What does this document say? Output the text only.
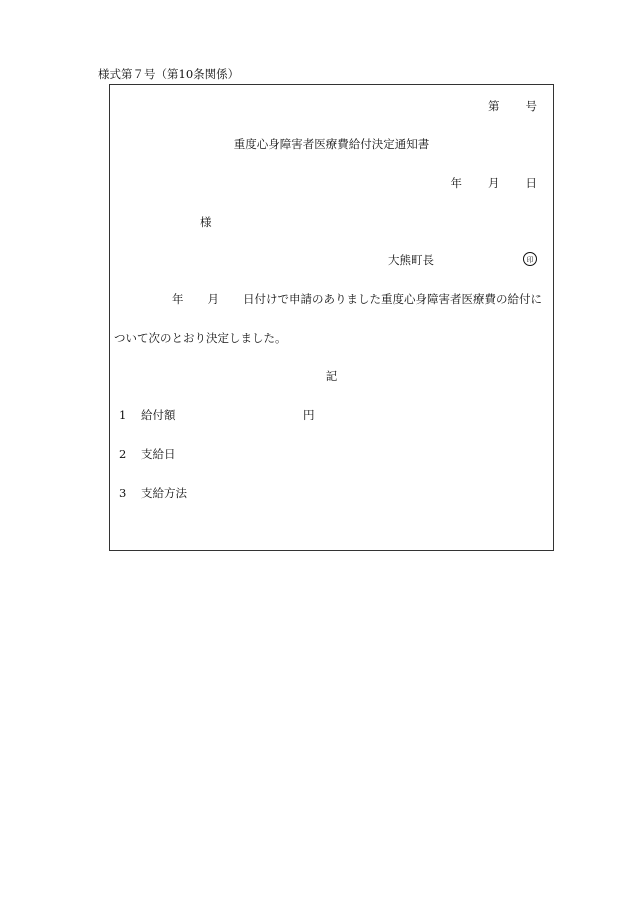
様式第７号（第10条関係）
第 号
重度心身障害者医療費給付決定通知書
年 月 日
様
大熊町長	印
年 月 日付けで申請のありました重度心身障害者医療費の給付に
ついて次のとおり決定しました。
記
1 給付額	円
2 支給日
3 支給方法
